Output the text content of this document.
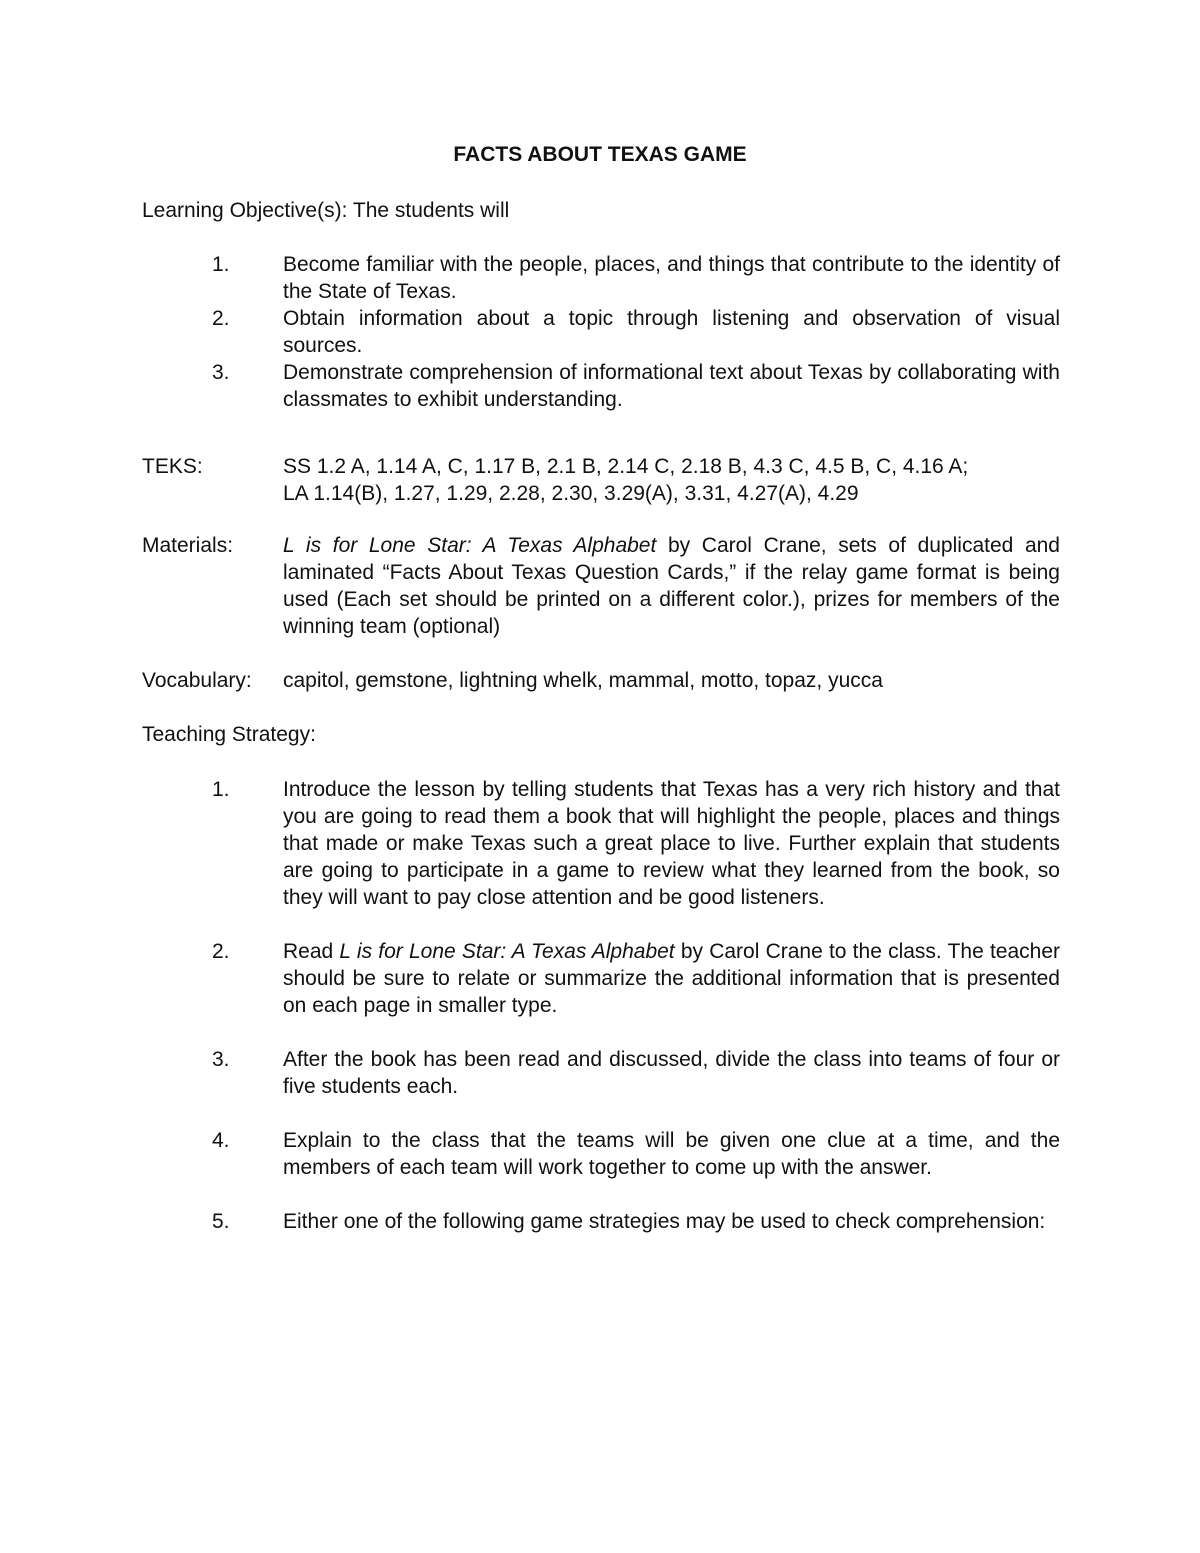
FACTS ABOUT TEXAS GAME
Learning Objective(s): The students will
1.	Become familiar with the people, places, and things that contribute to the identity of the State of Texas.
2.	Obtain information about a topic through listening and observation of visual sources.
3.	Demonstrate comprehension of informational text about Texas by collaborating with classmates to exhibit understanding.
TEKS:	SS 1.2 A, 1.14 A, C, 1.17 B, 2.1 B, 2.14 C, 2.18 B, 4.3 C, 4.5 B, C, 4.16 A;
LA 1.14(B), 1.27, 1.29, 2.28, 2.30, 3.29(A), 3.31, 4.27(A), 4.29
Materials: L is for Lone Star: A Texas Alphabet by Carol Crane, sets of duplicated and laminated “Facts About Texas Question Cards,” if the relay game format is being used (Each set should be printed on a different color.), prizes for members of the winning team (optional)
Vocabulary: capitol, gemstone, lightning whelk, mammal, motto, topaz, yucca
Teaching Strategy:
1.	Introduce the lesson by telling students that Texas has a very rich history and that you are going to read them a book that will highlight the people, places and things that made or make Texas such a great place to live. Further explain that students are going to participate in a game to review what they learned from the book, so they will want to pay close attention and be good listeners.
2.	Read L is for Lone Star: A Texas Alphabet by Carol Crane to the class. The teacher should be sure to relate or summarize the additional information that is presented on each page in smaller type.
3.	After the book has been read and discussed, divide the class into teams of four or five students each.
4.	Explain to the class that the teams will be given one clue at a time, and the members of each team will work together to come up with the answer.
5.	Either one of the following game strategies may be used to check comprehension:
